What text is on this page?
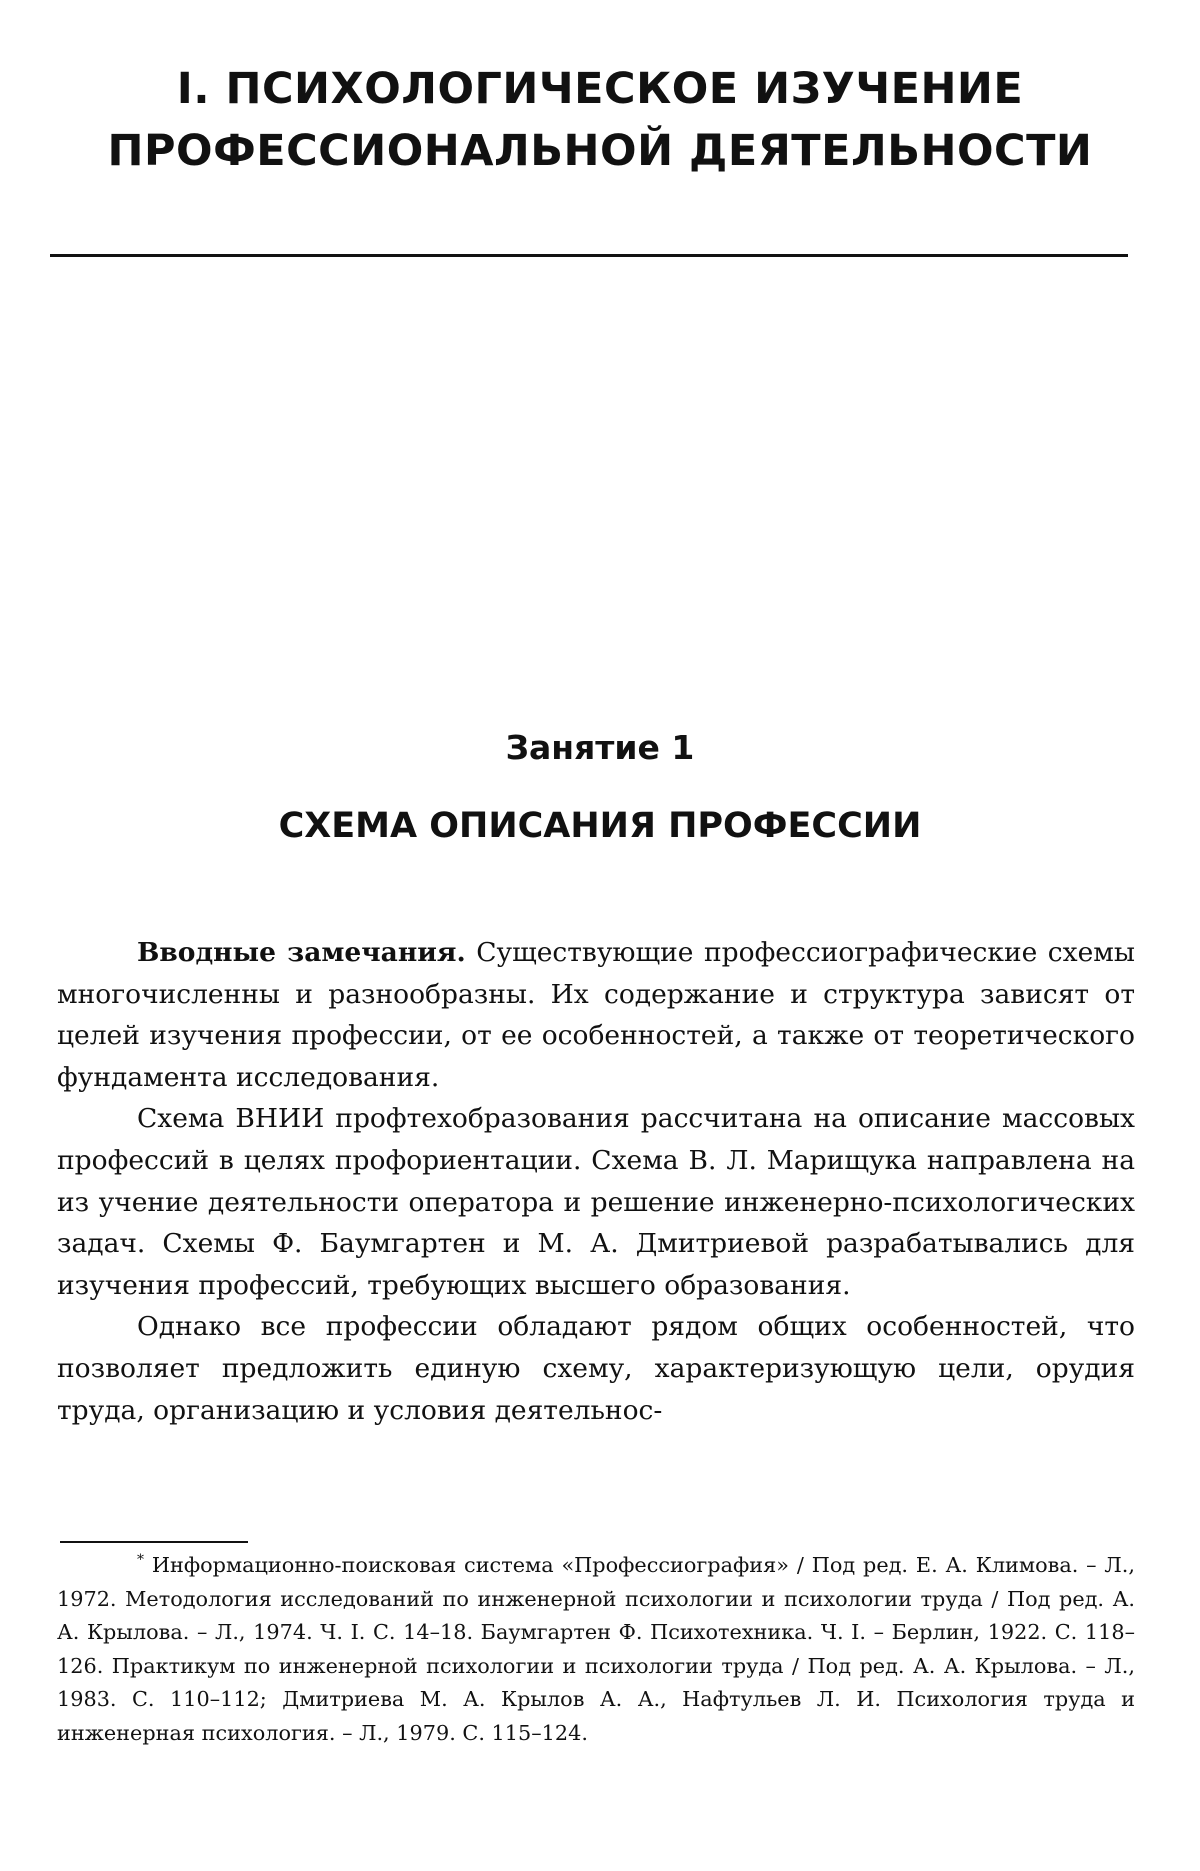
I. ПСИХОЛОГИЧЕСКОЕ ИЗУЧЕНИЕ
ПРОФЕССИОНАЛЬНОЙ ДЕЯТЕЛЬНОСТИ
Занятие 1
СХЕМА ОПИСАНИЯ ПРОФЕССИИ

Вводные замечания. Существующие профессиографические схемы многочисленны и разнообразны. Их содержание и структура зависят от целей изучения профессии, от ее особенностей, а также от теоретического фундамента исследования.

Схема ВНИИ профтехобразования рассчитана на описание массовых профессий в целях профориентации. Схема В. Л. Марищука направлена на из учение деятельности оператора и решение инженерно-психологических задач. Схемы Ф. Баумгартен и М. А. Дмитриевой разрабатывались для изучения профессий, требующих высшего образования.

Однако все профессии обладают рядом общих особенностей, что позволяет предложить единую схему, характеризующую цели, орудия труда, организацию и условия деятельнос-

* Информационно-поисковая система «Профессиография» / Под ред. Е. А. Климова. – Л., 1972. Методология исследований по инженерной психологии и психологии труда / Под ред. А. А. Крылова. – Л., 1974. Ч. I. С. 14–18. Баумгартен Ф. Психотехника. Ч. I. – Берлин, 1922. С. 118–126. Практикум по инженерной психологии и психологии труда / Под ред. А. А. Крылова. – Л., 1983. С. 110–112; Дмитриева М. А. Крылов А. А., Нафтульев Л. И. Психология труда и инженерная психология. – Л., 1979. С. 115–124.
